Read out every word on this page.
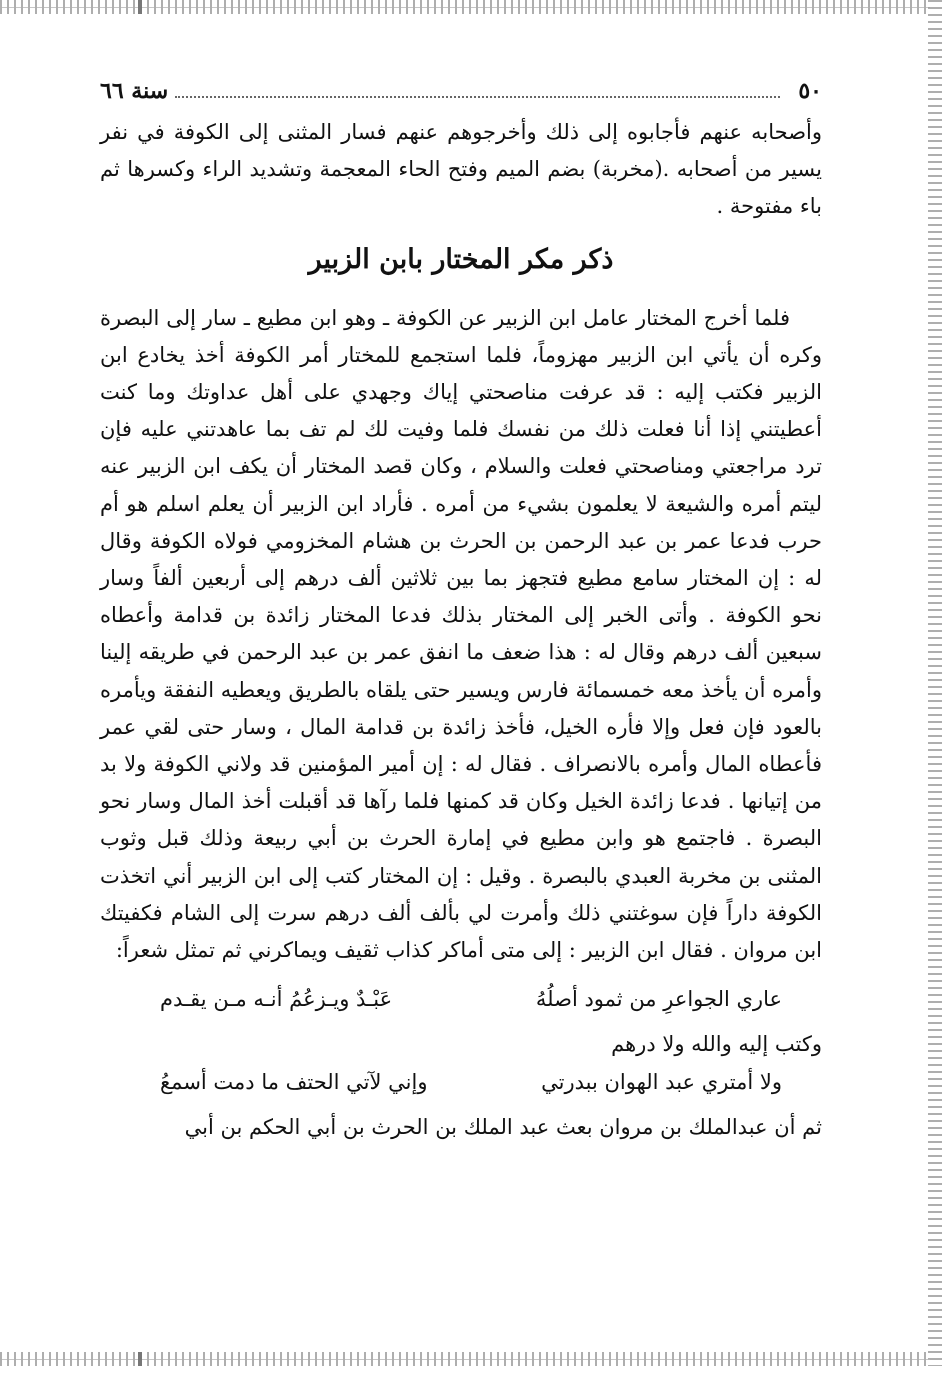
٥٠
سنة ٦٦

وأصحابه عنهم فأجابوه إلى ذلك وأخرجوهم عنهم فسار المثنى إلى الكوفة في نفر يسير من أصحابه .(مخربة) بضم الميم وفتح الحاء المعجمة وتشديد الراء وكسرها ثم باء مفتوحة .

ذكر مكر المختار بابن الزبير

فلما أخرج المختار عامل ابن الزبير عن الكوفة ـ وهو ابن مطيع ـ سار إلى البصرة وكره أن يأتي ابن الزبير مهزوماً، فلما استجمع للمختار أمر الكوفة أخذ يخادع ابن الزبير فكتب إليه : قد عرفت مناصحتي إياك وجهدي على أهل عداوتك وما كنت أعطيتني إذا أنا فعلت ذلك من نفسك فلما وفيت لك لم تف بما عاهدتني عليه فإن ترد مراجعتي ومناصحتي فعلت والسلام ، وكان قصد المختار أن يكف ابن الزبير عنه ليتم أمره والشيعة لا يعلمون بشيء من أمره . فأراد ابن الزبير أن يعلم اسلم هو أم حرب فدعا عمر بن عبد الرحمن بن الحرث بن هشام المخزومي فولاه الكوفة وقال له : إن المختار سامع مطيع فتجهز بما بين ثلاثين ألف درهم إلى أربعين ألفاً وسار نحو الكوفة . وأتى الخبر إلى المختار بذلك فدعا المختار زائدة بن قدامة وأعطاه سبعين ألف درهم وقال له : هذا ضعف ما انفق عمر بن عبد الرحمن في طريقه إلينا وأمره أن يأخذ معه خمسمائة فارس ويسير حتى يلقاه بالطريق ويعطيه النفقة ويأمره بالعود فإن فعل وإلا فأره الخيل، فأخذ زائدة بن قدامة المال ، وسار حتى لقي عمر فأعطاه المال وأمره بالانصراف . فقال له : إن أمير المؤمنين قد ولاني الكوفة ولا بد من إتيانها . فدعا زائدة الخيل وكان قد كمنها فلما رآها قد أقبلت أخذ المال وسار نحو البصرة . فاجتمع هو وابن مطيع في إمارة الحرث بن أبي ربيعة وذلك قبل وثوب المثنى بن مخربة العبدي بالبصرة . وقيل : إن المختار كتب إلى ابن الزبير أني اتخذت الكوفة داراً فإن سوغتني ذلك وأمرت لي بألف ألف درهم سرت إلى الشام فكفيتك ابن مروان . فقال ابن الزبير : إلى متى أماكر كذاب ثقيف ويماكرني ثم تمثل شعراً:

عاري الجواعرِ من ثمود أصلُهُ
عَبْـدٌ ويـزعُمُ أنـه مـن يقـدم

وكتب إليه والله ولا درهم

ولا أمتري عبد الهوان ببدرتي
وإني لآتي الحتف ما دمت أسمعُ

ثم أن عبدالملك بن مروان بعث عبد الملك بن الحرث بن أبي الحكم بن أبي
